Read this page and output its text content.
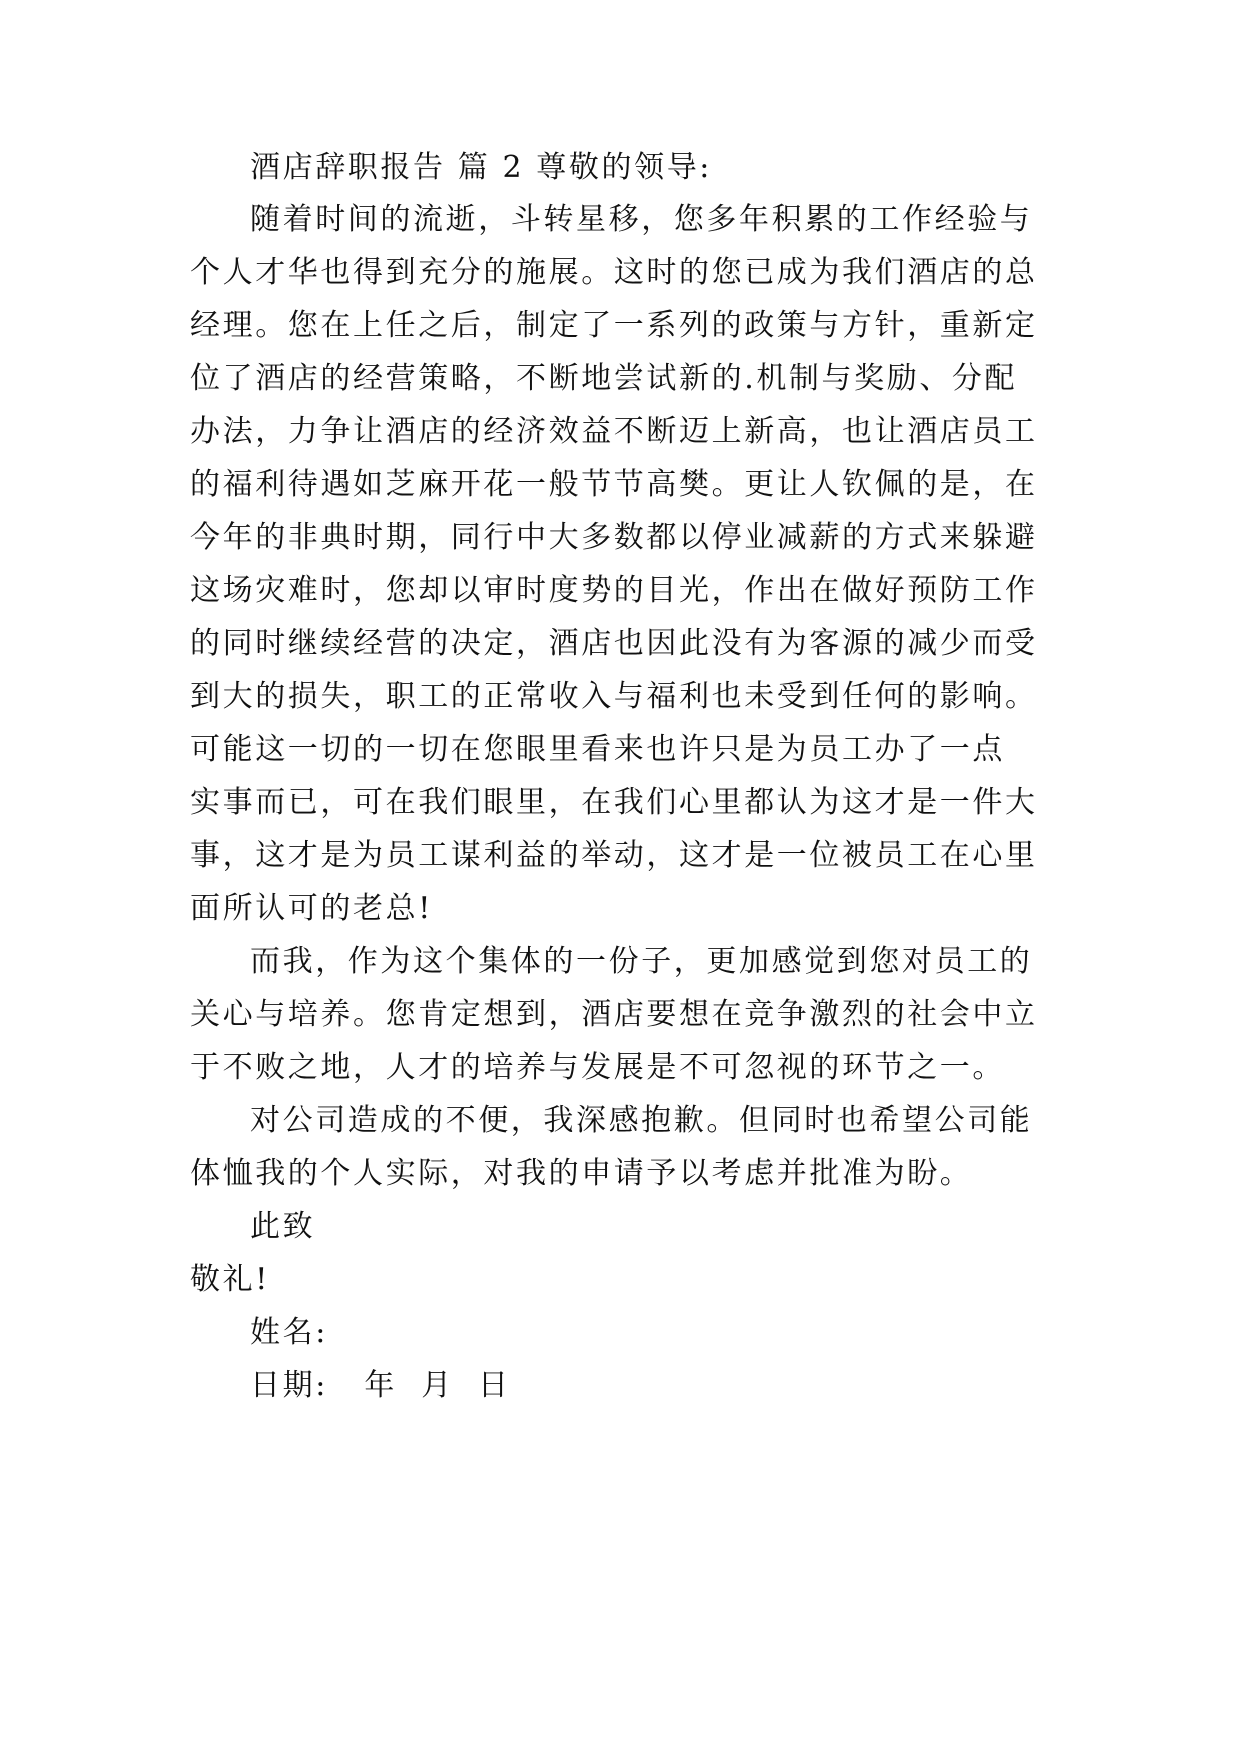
酒店辞职报告 篇 2 尊敬的领导:
随着时间的流逝，斗转星移，您多年积累的工作经验与
个人才华也得到充分的施展。这时的您已成为我们酒店的总
经理。您在上任之后，制定了一系列的政策与方针，重新定
位了酒店的经营策略，不断地尝试新的.机制与奖励、分配
办法，力争让酒店的经济效益不断迈上新高，也让酒店员工
的福利待遇如芝麻开花一般节节高樊。更让人钦佩的是，在
今年的非典时期，同行中大多数都以停业减薪的方式来躲避
这场灾难时，您却以审时度势的目光，作出在做好预防工作
的同时继续经营的决定，酒店也因此没有为客源的减少而受
到大的损失，职工的正常收入与福利也未受到任何的影响。
可能这一切的一切在您眼里看来也许只是为员工办了一点
实事而已，可在我们眼里，在我们心里都认为这才是一件大
事，这才是为员工谋利益的举动，这才是一位被员工在心里
面所认可的老总!
而我，作为这个集体的一份子，更加感觉到您对员工的
关心与培养。您肯定想到，酒店要想在竞争激烈的社会中立
于不败之地，人才的培养与发展是不可忽视的环节之一。
对公司造成的不便，我深感抱歉。但同时也希望公司能
体恤我的个人实际，对我的申请予以考虑并批准为盼。
此致
敬礼!
姓名:
日期:   年  月  日
